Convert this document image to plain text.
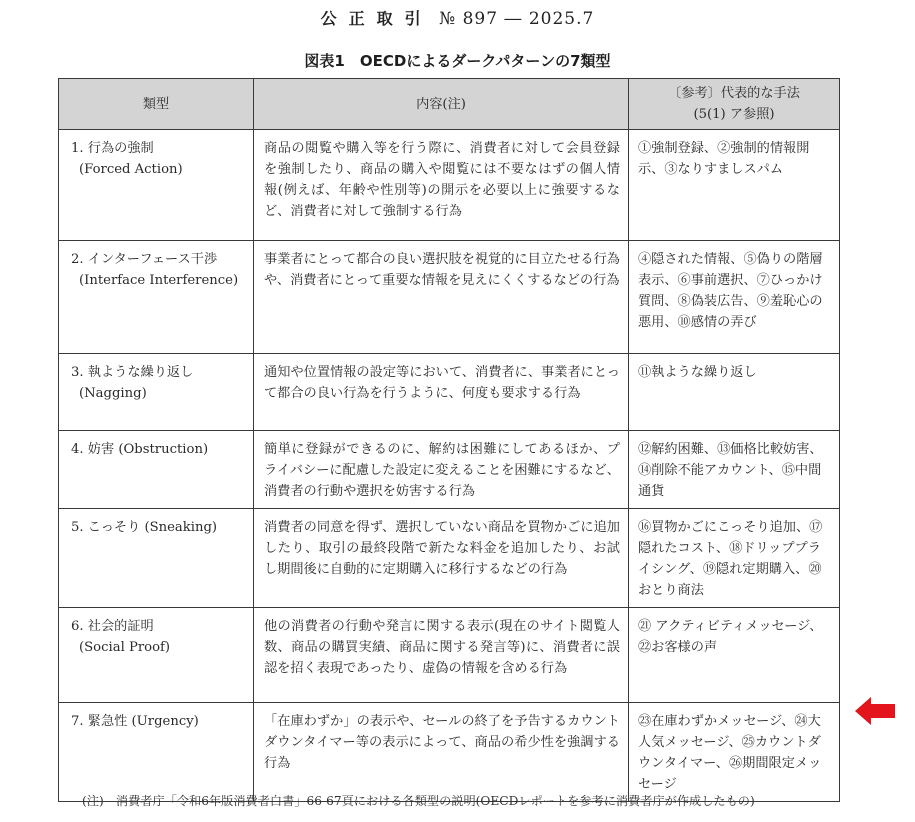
公正取引 № 897 ― 2025.7
図表1　OECDによるダークパターンの7類型
類型	内容(注)	〔参考〕代表的な手法
(5(1) ア参照)
1. 行為の強制
(Forced Action)	商品の閲覧や購入等を行う際に、消費者に対して会員登録を強制したり、商品の購入や閲覧には不要なはずの個人情報(例えば、年齢や性別等)の開示を必要以上に強要するなど、消費者に対して強制する行為	①強制登録、②強制的情報開示、③なりすましスパム
2. インターフェース干渉
(Interface Interference)	事業者にとって都合の良い選択肢を視覚的に目立たせる行為や、消費者にとって重要な情報を見えにくくするなどの行為	④隠された情報、⑤偽りの階層表示、⑥事前選択、⑦ひっかけ質問、⑧偽装広告、⑨羞恥心の悪用、⑩感情の弄び
3. 執ような繰り返し
(Nagging)	通知や位置情報の設定等において、消費者に、事業者にとって都合の良い行為を行うように、何度も要求する行為	⑪執ような繰り返し
4. 妨害 (Obstruction)	簡単に登録ができるのに、解約は困難にしてあるほか、プライバシーに配慮した設定に変えることを困難にするなど、消費者の行動や選択を妨害する行為	⑫解約困難、⑬価格比較妨害、⑭削除不能アカウント、⑮中間通貨
5. こっそり (Sneaking)	消費者の同意を得ず、選択していない商品を買物かごに追加したり、取引の最終段階で新たな料金を追加したり、お試し期間後に自動的に定期購入に移行するなどの行為	⑯買物かごにこっそり追加、⑰隠れたコスト、⑱ドリッププライシング、⑲隠れ定期購入、⑳おとり商法
6. 社会的証明
(Social Proof)	他の消費者の行動や発言に関する表示(現在のサイト閲覧人数、商品の購買実績、商品に関する発言等)に、消費者に誤認を招く表現であったり、虚偽の情報を含める行為	㉑ アクティビティメッセージ、㉒お客様の声
7. 緊急性 (Urgency)	「在庫わずか」の表示や、セールの終了を予告するカウントダウンタイマー等の表示によって、商品の希少性を強調する行為	㉓在庫わずかメッセージ、㉔大人気メッセージ、㉕カウントダウンタイマー、㉖期間限定メッセージ
(注)　消費者庁「令和6年版消費者白書」66-67頁における各類型の説明(OECDレポートを参考に消費者庁が作成したもの)
